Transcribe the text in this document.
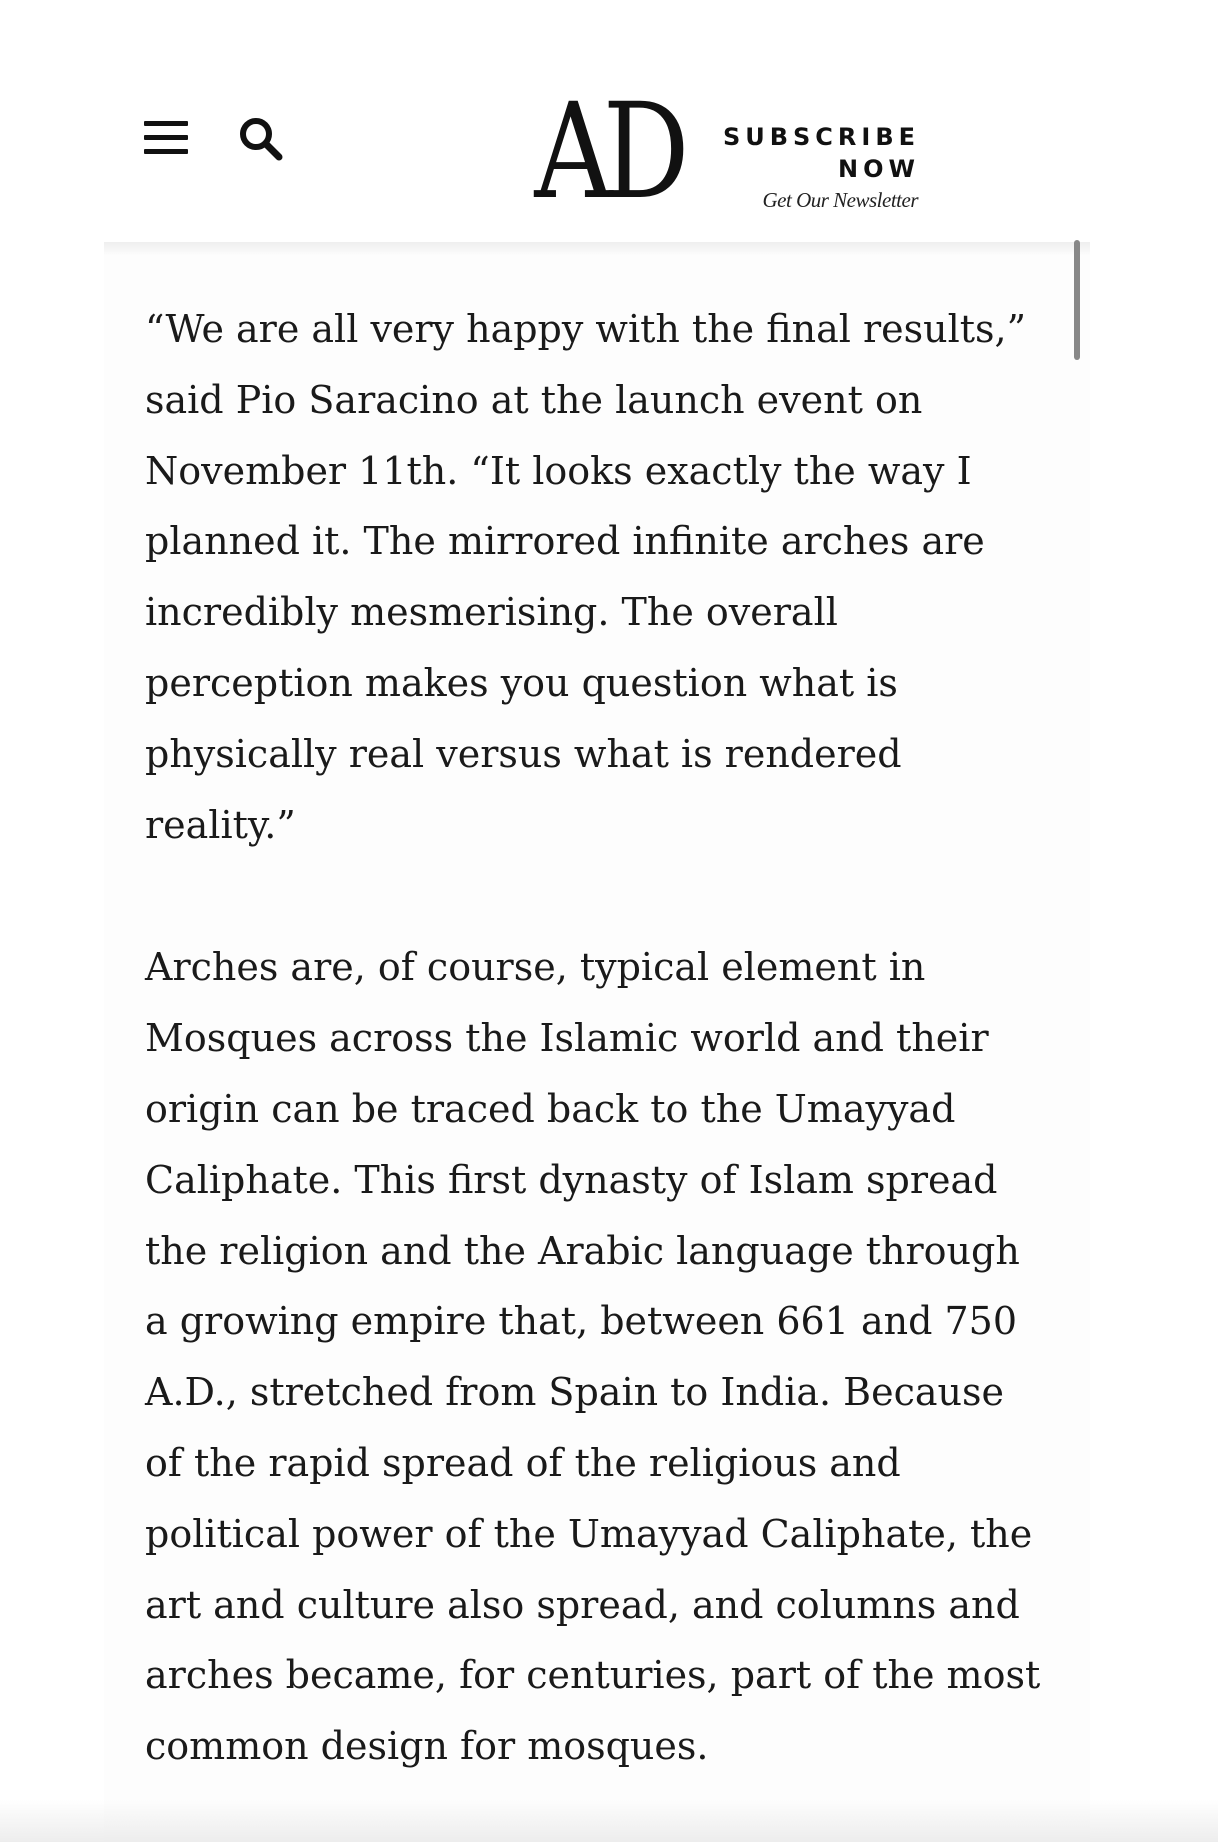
AD SUBSCRIBE
NOW
Get Our Newsletter

“We are all very happy with the final results,”
said Pio Saracino at the launch event on
November 11th. “It looks exactly the way I
planned it. The mirrored infinite arches are
incredibly mesmerising. The overall
perception makes you question what is
physically real versus what is rendered
reality.”

Arches are, of course, typical element in
Mosques across the Islamic world and their
origin can be traced back to the Umayyad
Caliphate. This first dynasty of Islam spread
the religion and the Arabic language through
a growing empire that, between 661 and 750
A.D., stretched from Spain to India. Because
of the rapid spread of the religious and
political power of the Umayyad Caliphate, the
art and culture also spread, and columns and
arches became, for centuries, part of the most
common design for mosques.
